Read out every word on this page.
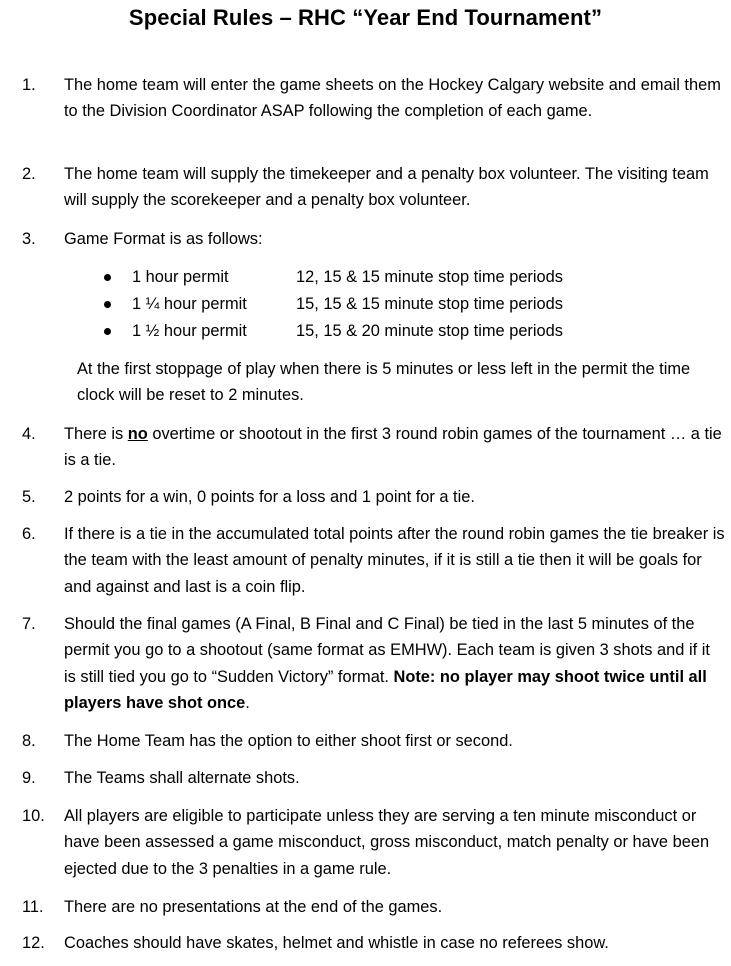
Special Rules – RHC “Year End Tournament”
1.	The home team will enter the game sheets on the Hockey Calgary website and email them to the Division Coordinator ASAP following the completion of each game.
2.	The home team will supply the timekeeper and a penalty box volunteer. The visiting team will supply the scorekeeper and a penalty box volunteer.
3.	Game Format is as follows:
1 hour permit	12, 15 & 15 minute stop time periods
1 ¼ hour permit	15, 15 & 15 minute stop time periods
1 ½ hour permit	15, 15 & 20 minute stop time periods
At the first stoppage of play when there is 5 minutes or less left in the permit the time clock will be reset to 2 minutes.
4.	There is no overtime or shootout in the first 3 round robin games of the tournament … a tie is a tie.
5.	2 points for a win, 0 points for a loss and 1 point for a tie.
6.	If there is a tie in the accumulated total points after the round robin games the tie breaker is the team with the least amount of penalty minutes, if it is still a tie then it will be goals for and against and last is a coin flip.
7.	Should the final games (A Final, B Final and C Final) be tied in the last 5 minutes of the permit you go to a shootout (same format as EMHW). Each team is given 3 shots and if it is still tied you go to “Sudden Victory” format. Note: no player may shoot twice until all players have shot once.
8.	The Home Team has the option to either shoot first or second.
9.	The Teams shall alternate shots.
10.	All players are eligible to participate unless they are serving a ten minute misconduct or have been assessed a game misconduct, gross misconduct, match penalty or have been ejected due to the 3 penalties in a game rule.
11.	There are no presentations at the end of the games.
12.	Coaches should have skates, helmet and whistle in case no referees show.
